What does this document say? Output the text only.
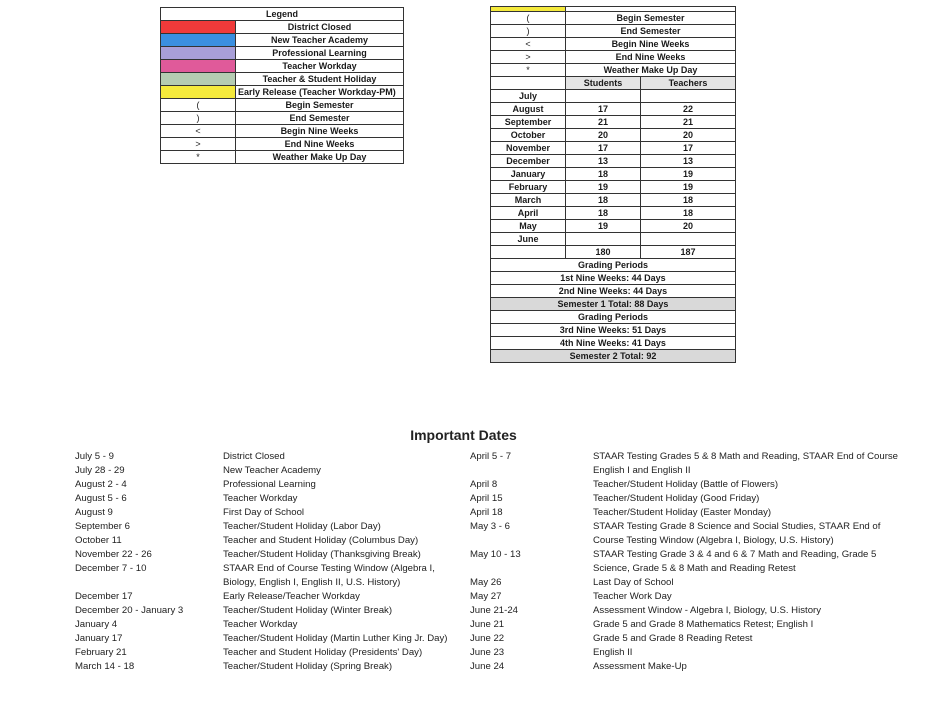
Legend	
	District Closed
	New Teacher Academy
	Professional Learning
	Teacher Workday
	Teacher & Student Holiday
	Early Release (Teacher Workday-PM)
(	Begin Semester
)	End Semester
<	Begin Nine Weeks
>	End Nine Weeks
*	Weather Make Up Day

(	Begin Semester	
)	End Semester	
<	Begin Nine Weeks	
>	End Nine Weeks	
*	Weather Make Up Day	
	Students	Teachers
July		
August	17	22
September	21	21
October	20	20
November	17	17
December	13	13
January	18	19
February	19	19
March	18	18
April	18	18
May	19	20
June		
	180	187
Grading Periods		
1st Nine Weeks: 44 Days		
2nd Nine Weeks: 44 Days		
Semester 1 Total: 88 Days		
Grading Periods		
3rd Nine Weeks: 51 Days		
4th Nine Weeks: 41 Days		
Semester 2 Total: 92		
Important Dates
July 5 - 9	District Closed
July 28 - 29	New Teacher Academy
August 2 - 4	Professional Learning
August 5 - 6	Teacher Workday
August 9	First Day of School
September 6	Teacher/Student Holiday (Labor Day)
October 11	Teacher and Student Holiday (Columbus Day)
November 22 - 26	Teacher/Student Holiday (Thanksgiving Break)
December 7 - 10	STAAR End of Course Testing Window (Algebra I, Biology, English I, English II, U.S. History)
December 17	Early Release/Teacher Workday
December 20 - January 3	Teacher/Student Holiday (Winter Break)
January 4	Teacher Workday
January 17	Teacher/Student Holiday (Martin Luther King Jr. Day)
February 21	Teacher and Student Holiday (Presidents' Day)
March 14 - 18	Teacher/Student Holiday (Spring Break)
April 5 - 7	STAAR Testing Grades 5 & 8 Math and Reading, STAAR End of Course English I and English II
April 8	Teacher/Student Holiday (Battle of Flowers)
April 15	Teacher/Student Holiday (Good Friday)
April 18	Teacher/Student Holiday (Easter Monday)
May 3 - 6	STAAR Testing Grade 8 Science and Social Studies, STAAR End of Course Testing Window (Algebra I, Biology, U.S. History)
May 10 - 13	STAAR Testing Grade 3 & 4 and 6 & 7 Math and Reading, Grade 5 Science, Grade 5 & 8 Math and Reading Retest
May 26	Last Day of School
May 27	Teacher Work Day
June 21-24	Assessment Window - Algebra I, Biology, U.S. History
June 21	Grade 5 and Grade 8 Mathematics Retest; English I
June 22	Grade 5 and Grade 8 Reading Retest
June 23	English II
June 24	Assessment Make-Up
